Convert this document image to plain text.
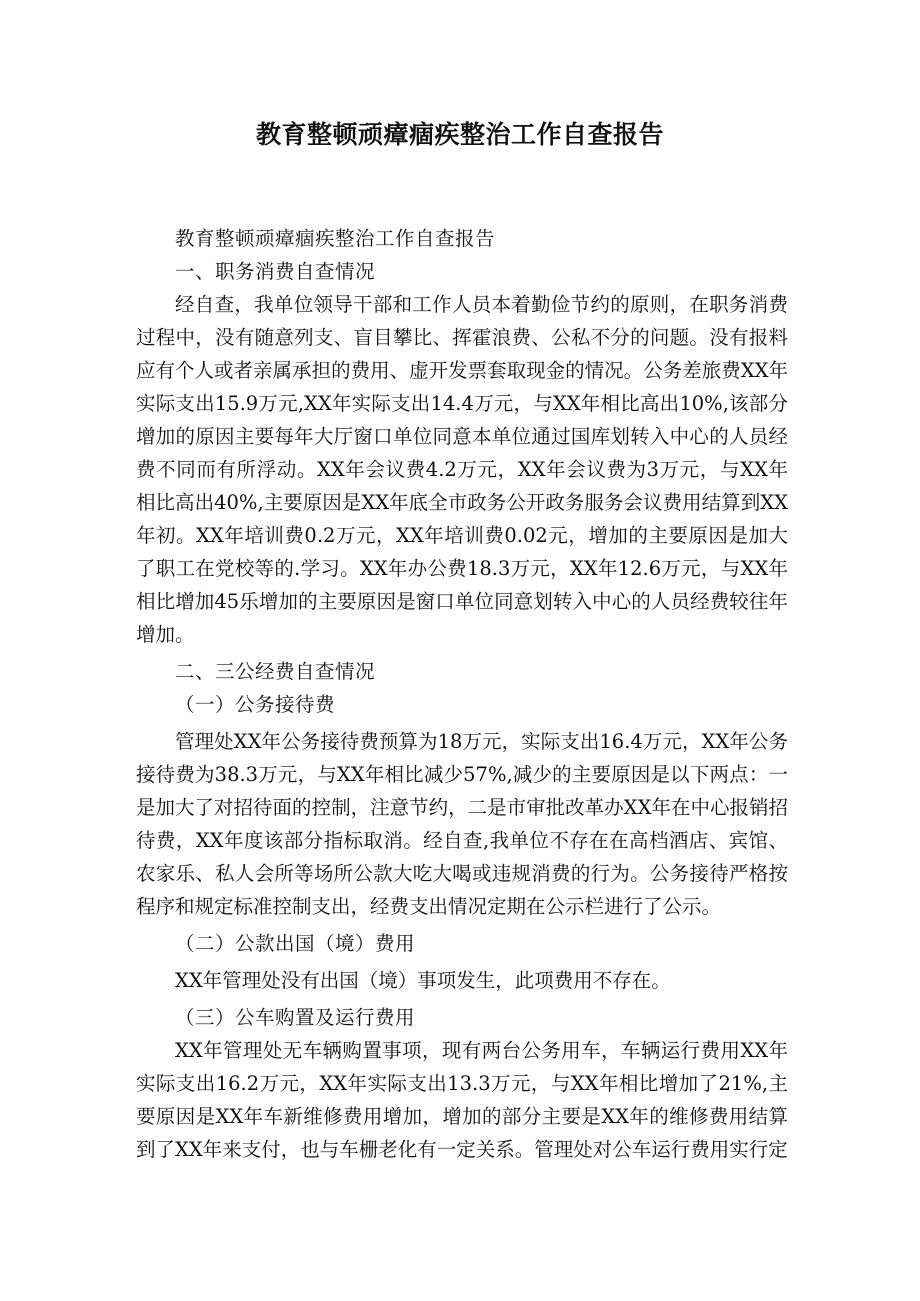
教育整顿顽瘴痼疾整治工作自查报告

教育整顿顽瘴痼疾整治工作自查报告

一、职务消费自查情况

经自查，我单位领导干部和工作人员本着勤俭节约的原则，在职务消费过程中，没有随意列支、盲目攀比、挥霍浪费、公私不分的问题。没有报料应有个人或者亲属承担的费用、虚开发票套取现金的情况。公务差旅费XX年实际支出15.9万元,XX年实际支出14.4万元，与XX年相比高出10%,该部分增加的原因主要每年大厅窗口单位同意本单位通过国库划转入中心的人员经费不同而有所浮动。XX年会议费4.2万元，XX年会议费为3万元，与XX年相比高出40%,主要原因是XX年底全市政务公开政务服务会议费用结算到XX年初。XX年培训费0.2万元，XX年培训费0.02元，增加的主要原因是加大了职工在党校等的.学习。XX年办公费18.3万元，XX年12.6万元，与XX年相比增加45乐增加的主要原因是窗口单位同意划转入中心的人员经费较往年增加。

二、三公经费自查情况

（一）公务接待费

管理处XX年公务接待费预算为18万元，实际支出16.4万元，XX年公务接待费为38.3万元，与XX年相比减少57%,减少的主要原因是以下两点：一是加大了对招待面的控制，注意节约，二是市审批改革办XX年在中心报销招待费，XX年度该部分指标取消。经自查,我单位不存在在高档酒店、宾馆、农家乐、私人会所等场所公款大吃大喝或违规消费的行为。公务接待严格按程序和规定标准控制支出，经费支出情况定期在公示栏进行了公示。

（二）公款出国（境）费用

XX年管理处没有出国（境）事项发生，此项费用不存在。

（三）公车购置及运行费用

XX年管理处无车辆购置事项，现有两台公务用车，车辆运行费用XX年实际支出16.2万元，XX年实际支出13.3万元，与XX年相比增加了21%,主要原因是XX年车新维修费用增加，增加的部分主要是XX年的维修费用结算到了XX年来支付，也与车栅老化有一定关系。管理处对公车运行费用实行定
